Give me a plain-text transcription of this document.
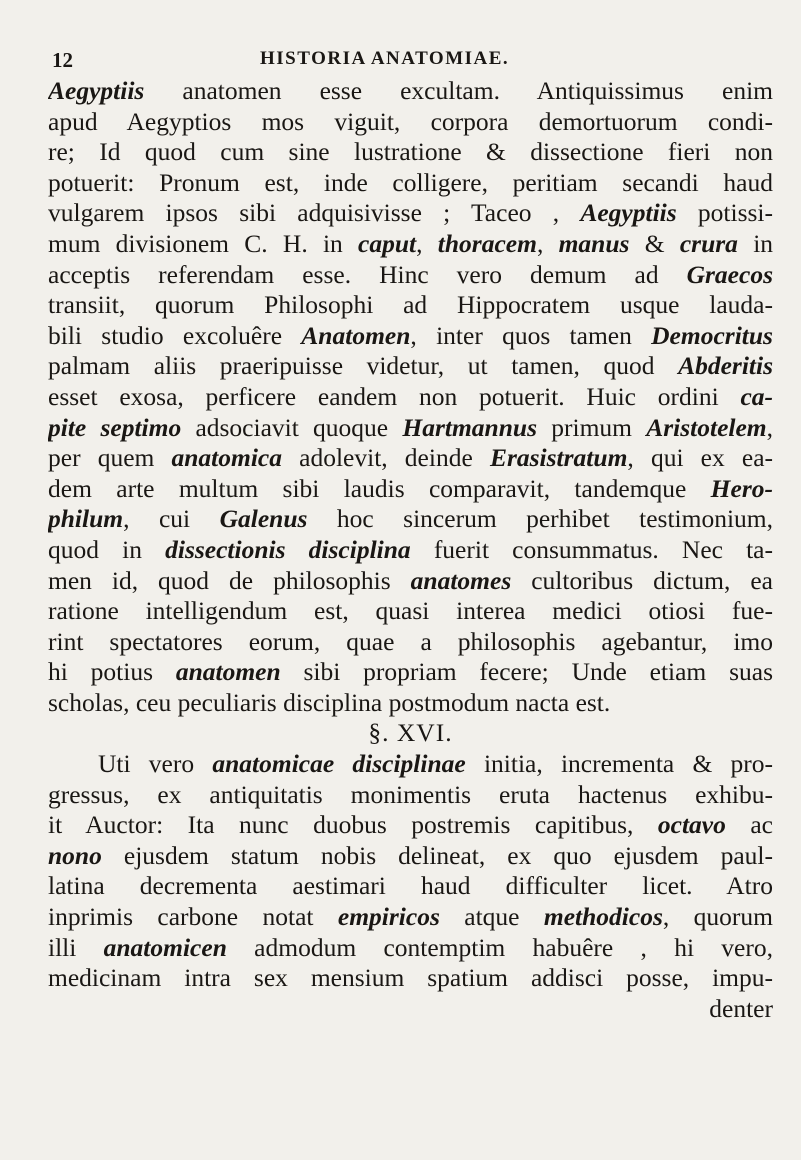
12	HISTORIA ANATOMIAE.
Aegyptiis anatomen esse excultam. Antiquissimus enim
apud Aegyptios mos viguit, corpora demortuorum condi-
re; Id quod cum sine lustratione & dissectione fieri non
potuerit: Pronum est, inde colligere, peritiam secandi haud
vulgarem ipsos sibi adquisivisse ; Taceo , Aegyptiis potissi-
mum divisionem C. H. in caput, thoracem, manus & crura in
acceptis referendam esse. Hinc vero demum ad Graecos
transiit, quorum Philosophi ad Hippocratem usque lauda-
bili studio excoluêre Anatomen, inter quos tamen Democritus
palmam aliis praeripuisse videtur, ut tamen, quod Abderitis
esset exosa, perficere eandem non potuerit. Huic ordini ca-
pite septimo adsociavit quoque Hartmannus primum Aristotelem,
per quem anatomica adolevit, deinde Erasistratum, qui ex ea-
dem arte multum sibi laudis comparavit, tandemque Hero-
philum, cui Galenus hoc sincerum perhibet testimonium,
quod in dissectionis disciplina fuerit consummatus. Nec ta-
men id, quod de philosophis anatomes cultoribus dictum, ea
ratione intelligendum est, quasi interea medici otiosi fue-
rint spectatores eorum, quae a philosophis agebantur, imo
hi potius anatomen sibi propriam fecere; Unde etiam suas
scholas, ceu peculiaris disciplina postmodum nacta est.
§. XVI.
Uti vero anatomicae disciplinae initia, incrementa & pro-
gressus, ex antiquitatis monimentis eruta hactenus exhibu-
it Auctor: Ita nunc duobus postremis capitibus, octavo ac
nono ejusdem statum nobis delineat, ex quo ejusdem paul-
latina decrementa aestimari haud difficulter licet. Atro
inprimis carbone notat empiricos atque methodicos, quorum
illi anatomicen admodum contemptim habuêre , hi vero,
medicinam intra sex mensium spatium addisci posse, impu-
denter
